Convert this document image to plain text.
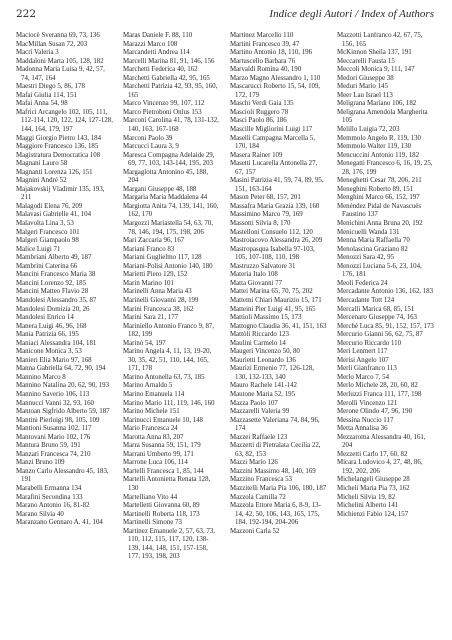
222	Indice degli Autori / Index of Authors

Maciocè Sveranna 69, 73, 136

MacMillan Susan 72, 203

Macrì Valeria 3

Maddaloni Marta 105, 128, 182

Madonna Maria Luisa 9, 42, 57, 74, 147, 164

Maestri Diego 5, 86, 178

Mafai Giulia 114, 151

Mafai Anna 54, 98

Mafrici Arcangelo 102, 105, 111, 112-114, 120, 122, 124, 127-128, 144, 164, 179, 197

Maggi Giorgio Pietro 143, 184

Maggiore Francesco 136, 185

Magistratura Democratica 108

Magnani Lauro 58

Magnanti Lorenza 126, 151

Magnini André 52

Majakovskij Vladimir 135, 193, 211

Malagodi Elena 76, 209

Malavasi Gabrielle 41, 104

Malavolta Lina 3, 53

Malgeri Francesco 101

Malgeri Giampaolo 98

Malice Luigi 71

Mambriani Alberto 49, 187

Mambrini Caterina 66

Mancini Francesco Maria 38

Mancini Lorenzo 92, 185

Mancini Matteo Flavio 28

Mandolesi Alessandro 35, 87

Mandolesi Domizia 20, 26

Mandolesi Enrico 14

Manera Luigi 46, 96, 168

Mania Patrizia 66, 195

Maniaci Alessandra 104, 181

Manicone Monica 3, 53

Manieri Elia Mario 97, 168

Manna Gabriella 64, 72, 90, 194

Mannino Marco 8

Mannino Natalina 20, 62, 90, 193

Mannino Saverio 106, 113

Mannucci Vanni 32, 93, 160

Mantoan Sigfrido Alberto 59, 187

Mantini Pierluigi 98, 105, 109

Mantioni Susanna 102, 117

Mantovani Mario 102, 176

Mantura Bruno 59, 191

Manzari Francesca 74, 210

Manzi Bruno 109

Manzo Carlo Alessandro 45, 183, 191

Marabelli Ermanna 134

Marafini Secondina 133

Marano Antonio 16, 81-82

Marano Silvia 40

Maranzano Gennaro A. 41, 104

Maras Daniele F. 88, 110

Marazzi Marco 108

Marcandetti Andrea 114

Marcelli Marina 81, 91, 146, 156

Marchetti Federica 40, 162

Marchetti Gabriella 42, 95, 165

Marchetti Patrizia 42, 93, 95, 160, 165

Marco Vincenzo 99, 107, 112

Marco Pietroboni Onlus 153

Marconi Carolina 41, 78, 131-132, 140, 163, 167-168

Marconi Paolo 39

Marcucci Laura 3, 9

Maresca Compagna Adelaide 29, 69, 77, 103, 143-144, 195, 203

Margaglotta Antonino 45, 188, 204

Margani Giuseppe 48, 188

Margaria Maria Maddalena 44

Margiotta Anita 74, 139, 141, 160, 162, 170

Margozzi Mariastella 54, 63, 70, 78, 146, 194, 175, 198, 206

Mari Zaccaria 96, 167

Mariani Franco 83

Mariani Guglielmo 117, 128

Mariani-Polisi Antonio 140, 180

Marietti Piero 129, 152

Marin Marino 101

Marinelli Anna Maria 43

Marinelli Giovanni 28, 199

Marini Francesca 38, 162

Marini Sara 21, 177

Mariniello Antonio Franco 9, 87, 182, 199

Marinò 54, 197

Marino Angela 4, 11, 13, 19-20, 30, 35, 42, 51, 110, 144, 165, 171, 178

Marino Antonella 63, 73, 185

Marino Arnaldo 5

Marino Emanuela 114

Marino Mario 111, 119, 146, 160

Marino Michele 151

Marinucci Emanuele 10, 148

Mario Francesca 24

Marotta Anna 83, 207

Marra Susanna 59, 151, 179

Marrani Umberto 99, 171

Marrone Luca 106, 114

Martelli Francesca 1, 85, 144

Martelli Antonietta Renata 128, 130

Martelliano Vito 44

Martelletti Giovanna 60, 89

Martinelli Roberta 118, 173

Martinelli Simone 73

Martinez Emanuele 2, 57, 63, 73, 110, 112, 115, 117, 120, 138-139, 144, 148, 151, 157-158, 177, 193, 198, 203

Martinez Marcello 110

Martini Francesco 39, 47

Martino Antonio 18, 110, 196

Martuscello Barbara 76

Marvaldi Romina 40, 190

Marzo Magno Alessandro 1, 110

Mascarucci Roberto 15, 54, 109, 172, 179

Maschi Verdi Gaia 135

Mascioli Ruggero 78

Masci Paolo 86, 186

Mascille Migliorini Luigi 117

Maselli Campagna Marcella 5, 170, 184

Masera Rainer 109

Masetti Lucarella Antonella 27, 67, 157

Masini Patrizia 41, 59, 74, 89, 95, 151, 163-164

Mason Peter 68, 157, 201

Massafra Maria Grazia 139, 160

Massimino Marco 79, 169

Massotti Silvia 8, 170

Mastelloni Consuelo 112, 120

Mastroiacovo Alessandra 26, 209

Mastropasqua Isabella 97-103, 105, 107-108, 110, 198

Mastruzzo Salvatore 31

Materia Italo 108

Matta Giovanni 77

Mattei Marina 65, 70, 75, 202

Mattemi Chiari Maurizio 15, 171

Matteini Pier Luigi 41, 95, 165

Mattioli Massimo 15, 173

Mattogno Claudia 36, 41, 151, 163

Mattòli Riccardo 123

Maulini Carmelo 14

Maugeri Vincenzo 50, 80

Maurietti Leonardo 136

Maurizi Ermenio 77, 126-128, 130, 132-133, 140

Mauro Rachele 141-142

Mautone Maria 52, 195

Mazza Paolo 107

Mazzarelli Valeria 99

Mazzasette Valeriana 74, 84, 96, 174

Mazzei Raffaele 123

Mazzetti di Pietralata Cecilia 22, 63, 82, 153

Mazzi Mario 126

Mazzini Massimo 48, 140, 169

Mazzino Francesca 53

Mazzitelli Maria Pia 106, 180, 187

Mazzola Camilla 72

Mazzola Ettore Maria 6, 8-9, 13-14, 42, 50, 106, 143, 165, 175, 184, 192-194, 204-206

Mazzoni Carla 52

Mazzotti Lanfranco 42, 67, 75, 156, 165

McKinnon Sheila 137, 191

Meccarelli Fausta 15

Meccoli Monica 9, 111, 147

Medori Giuseppe 38

Meduri Mario 145

Meer Lau Israel 113

Meligrana Mariano 106, 182

Meligrana Amendola Margherita 105

Melillo Luigia 72, 203

Memmolo Angelo R. 119, 130

Memmolo Walter 119, 130

Mencuccini Antonio 119, 182

Menegatti Francesco 6, 16, 19, 25, 28, 176, 199

Meneghetti Cesar 78, 206, 211

Meneghini Roberto 89, 151

Menghini Marco 66, 152, 197

Menéndez Pidal de Navascués Faustino 137

Menichini Anna Bruna 20, 192

Menicuelli Wanda 131

Menna Maria Raffaella 70

Menolascina Graziano 82

Menozzi Sara 42, 95

Menozzi Luciana 5-6, 23, 104, 176, 181

Meoli Federica 24

Mercadante Antonio 136, 162, 183

Mercadante Tott 124

Mercalli Marica 68, 85, 151

Mercenaro Giuseppe 74, 163

Merchè Luca 85, 91, 152, 157, 173

Mercurio Gianni 56, 62, 75, 87

Mercurio Riccardo 110

Meri Lenmert 117

Merisi Angelo 107

Merli Gianfranco 113

Merlo Marco 7, 54

Merlo Michele 28, 20, 60, 82

Merluzzi Franca 111, 177, 198

Merolli Vincenzo 121

Merone Olindo 47, 96, 190

Messina Nuccio 117

Metta Annalisa 36

Mezzaroma Alessandra 40, 161, 204

Mezzetti Carlo 17, 60, 82

Micara Ludovico 4, 27, 48, 86, 192, 202, 206

Michelangeli Giuseppe 28

Micheli Maria Pia 73, 162

Micheli Silvia 19, 82

Michelini Alberto 141

Michienzi Fabio 124, 157
